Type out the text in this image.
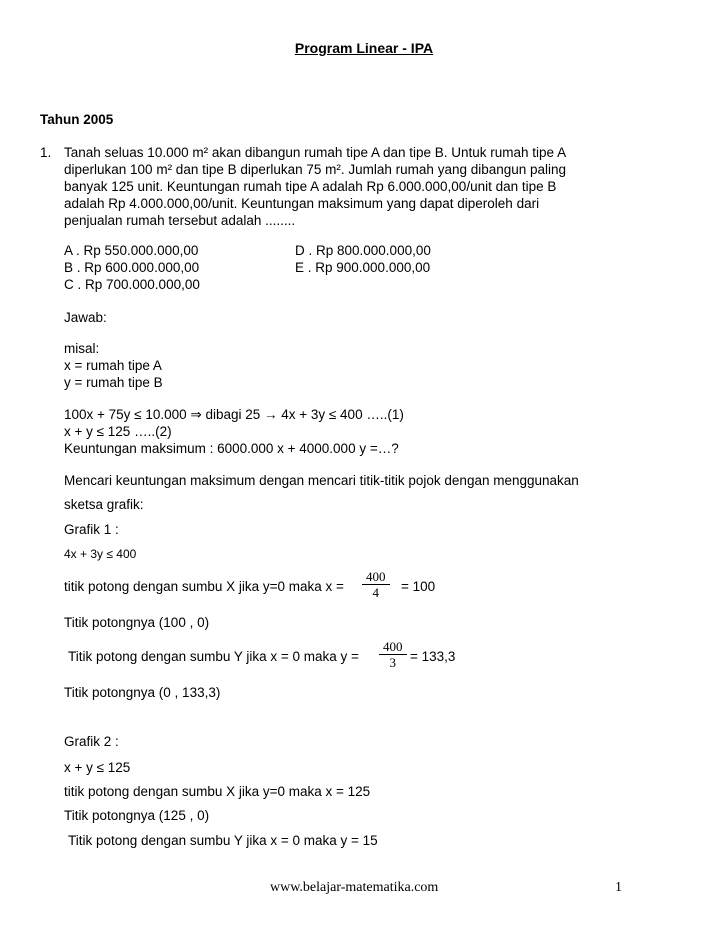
Program Linear - IPA
Tahun 2005
1. Tanah seluas 10.000 m² akan dibangun rumah tipe A dan tipe B. Untuk rumah tipe A
diperlukan 100 m² dan tipe B diperlukan 75 m². Jumlah rumah yang dibangun paling
banyak 125 unit. Keuntungan rumah tipe A adalah Rp 6.000.000,00/unit dan tipe B
adalah Rp 4.000.000,00/unit. Keuntungan maksimum yang dapat diperoleh dari
penjualan rumah tersebut adalah ........
A . Rp 550.000.000,00
B . Rp 600.000.000,00
C . Rp 700.000.000,00
D . Rp 800.000.000,00
E . Rp 900.000.000,00
Jawab:
misal:
x = rumah tipe A
y = rumah tipe B
100x + 75y ≤ 10.000 ⇒ dibagi 25 → 4x + 3y ≤ 400 …..(1)
x + y ≤ 125 …..(2)
Keuntungan maksimum : 6000.000 x + 4000.000 y =…?
Mencari keuntungan maksimum dengan mencari titik-titik pojok dengan menggunakan
sketsa grafik:
Grafik 1 :
4x + 3y ≤ 400
titik potong dengan sumbu X jika y=0 maka $x = \frac{400}{4} = 100$
Titik potongnya (100 , 0)
Titik potong dengan sumbu Y jika x = 0 maka $y = \frac{400}{3} = 133,3$
Titik potongnya (0 , 133,3)
Grafik 2 :
x + y ≤ 125
titik potong dengan sumbu X jika y=0 maka x = 125
Titik potongnya (125 , 0)
Titik potong dengan sumbu Y jika x = 0 maka y = 15
www.belajar-matematika.com	1
